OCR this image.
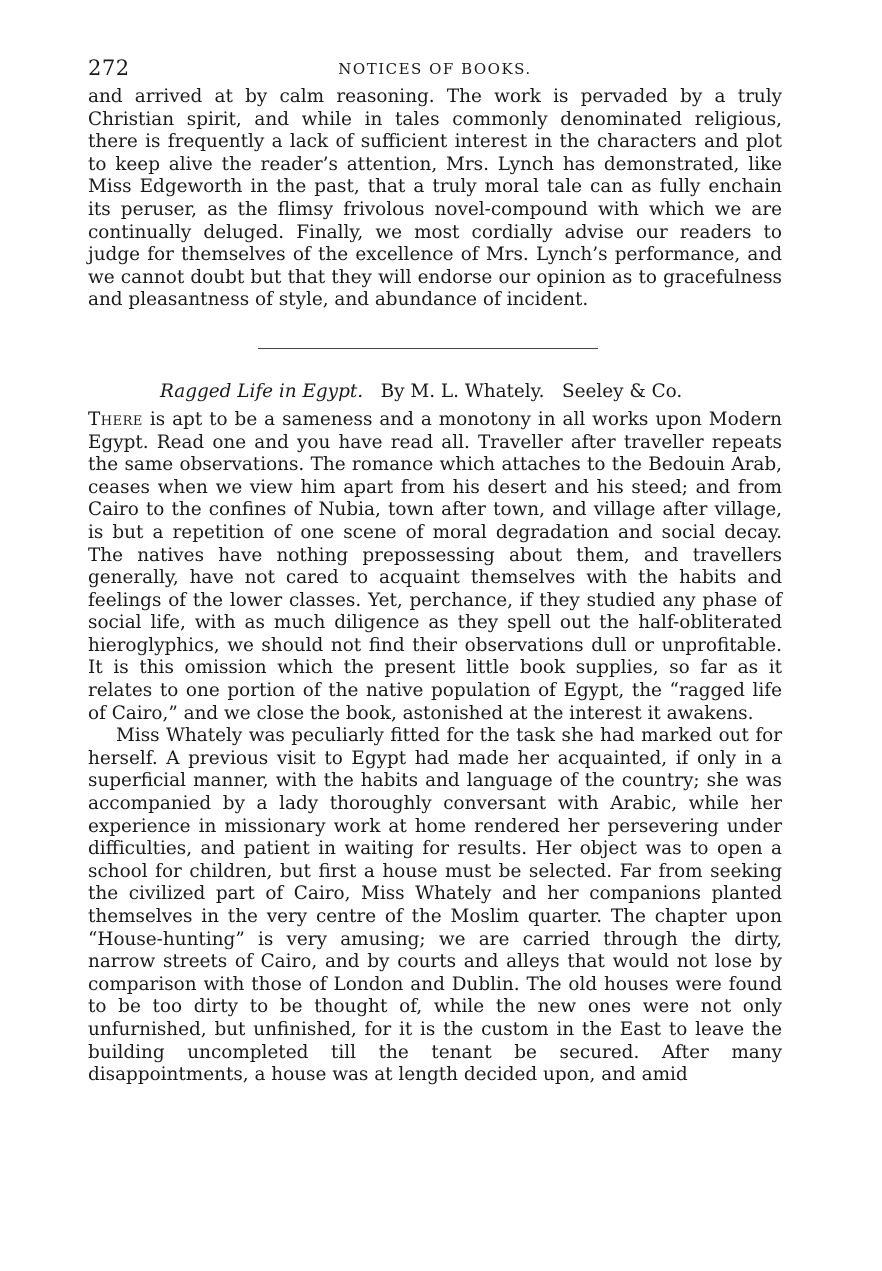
272	NOTICES OF BOOKS.

and arrived at by calm reasoning. The work is pervaded by a truly Christian spirit, and while in tales commonly denominated religious, there is frequently a lack of sufficient interest in the characters and plot to keep alive the reader’s attention, Mrs. Lynch has demonstrated, like Miss Edgeworth in the past, that a truly moral tale can as fully enchain its peruser, as the flimsy frivolous novel-compound with which we are continually deluged. Finally, we most cordially advise our readers to judge for themselves of the excellence of Mrs. Lynch’s performance, and we cannot doubt but that they will endorse our opinion as to gracefulness and pleasantness of style, and abundance of incident.

Ragged Life in Egypt. By M. L. Whately. Seeley & Co.

There is apt to be a sameness and a monotony in all works upon Modern Egypt. Read one and you have read all. Traveller after traveller repeats the same observations. The romance which attaches to the Bedouin Arab, ceases when we view him apart from his desert and his steed; and from Cairo to the confines of Nubia, town after town, and village after village, is but a repetition of one scene of moral degradation and social decay. The natives have nothing prepossessing about them, and travellers generally, have not cared to acquaint themselves with the habits and feelings of the lower classes. Yet, perchance, if they studied any phase of social life, with as much diligence as they spell out the half-obliterated hieroglyphics, we should not find their observations dull or unprofitable. It is this omission which the present little book supplies, so far as it relates to one portion of the native population of Egypt, the “ragged life of Cairo,” and we close the book, astonished at the interest it awakens.

Miss Whately was peculiarly fitted for the task she had marked out for herself. A previous visit to Egypt had made her acquainted, if only in a superficial manner, with the habits and language of the country; she was accompanied by a lady thoroughly conversant with Arabic, while her experience in missionary work at home rendered her persevering under difficulties, and patient in waiting for results. Her object was to open a school for children, but first a house must be selected. Far from seeking the civilized part of Cairo, Miss Whately and her companions planted themselves in the very centre of the Moslim quarter. The chapter upon “House-hunting” is very amusing; we are carried through the dirty, narrow streets of Cairo, and by courts and alleys that would not lose by comparison with those of London and Dublin. The old houses were found to be too dirty to be thought of, while the new ones were not only unfurnished, but unfinished, for it is the custom in the East to leave the building uncompleted till the tenant be secured. After many disappointments, a house was at length decided upon, and amid
